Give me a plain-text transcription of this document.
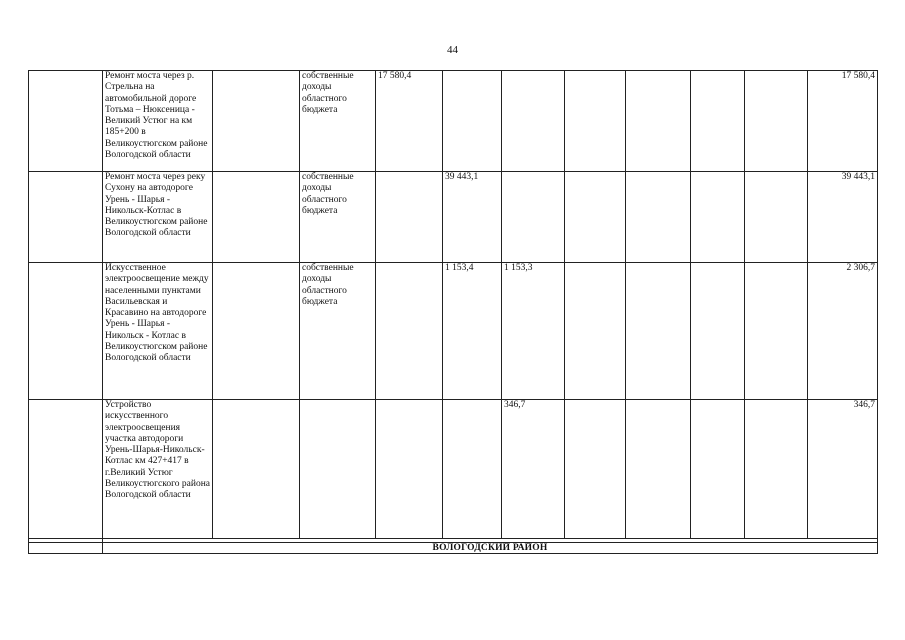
44
	Ремонт моста через р. Стрельна на автомобильной дороге Тотьма – Нюксеница - Великий Устюг на км 185+200 в Великоустюгском районе Вологодской области		собственные доходы областного бюджета	17 580,4							17 580,4
	Ремонт моста через реку Сухону на автодороге Урень - Шарья - Никольск-Котлас в Великоустюгском районе Вологодской области		собственные доходы областного бюджета		39 443,1						39 443,1
	Искусственное электроосвещение между населенными пунктами Васильевская и Красавино на автодороге Урень - Шарья - Никольск - Котлас в Великоустюгском районе Вологодской области		собственные доходы областного бюджета		1 153,4	1 153,3					2 306,7
	Устройство искусственного электроосвещения участка автодороги Урень-Шарья-Никольск-Котлас км 427+417 в г.Великий Устюг Великоустюгского района Вологодской области					346,7					346,7

	ВОЛОГОДСКИЙ РАЙОН										
